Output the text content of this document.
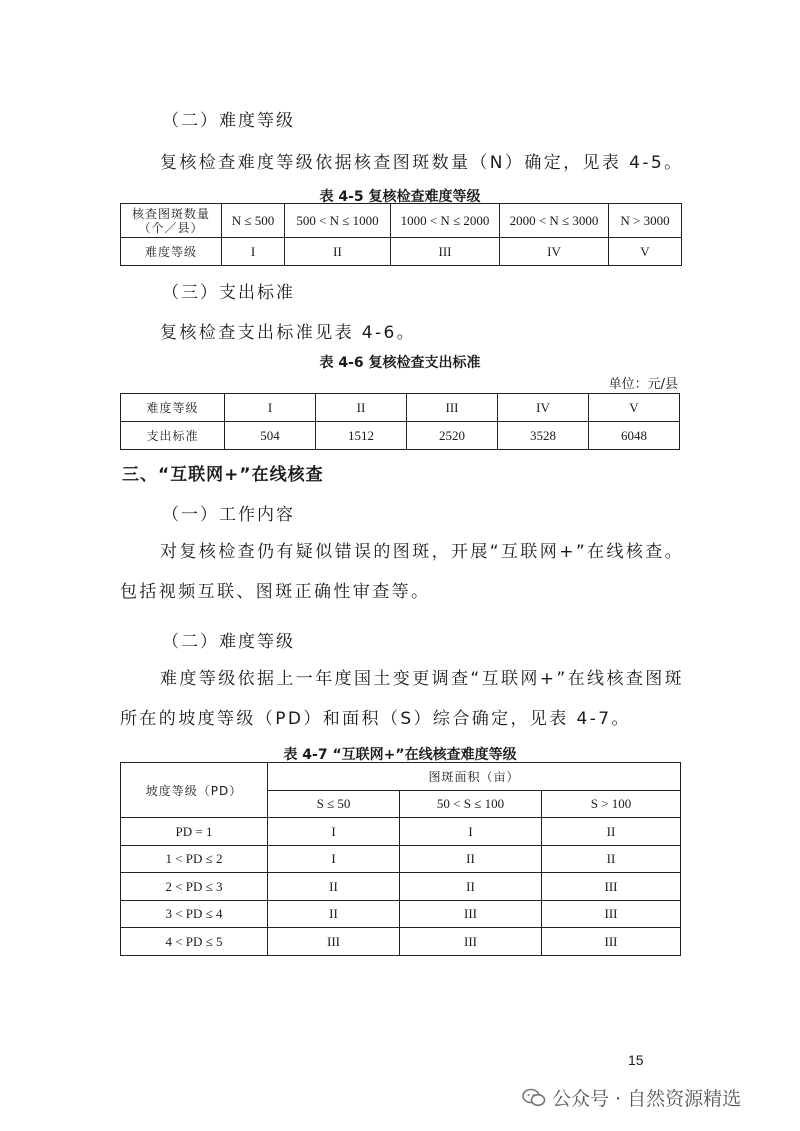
（二）难度等级
复核检查难度等级依据核查图斑数量（N）确定，见表 4-5。
表 4-5 复核检查难度等级
核查图斑数量（个／县）	N ≤ 500	500 < N ≤ 1000	1000 < N ≤ 2000	2000 < N ≤ 3000	N > 3000
难度等级	I	II	III	IV	V
（三）支出标准
复核检查支出标准见表 4-6。
表 4-6 复核检查支出标准
单位：元/县
难度等级	I	II	III	IV	V
支出标准	504	1512	2520	3528	6048
三、“互联网+”在线核查
（一）工作内容
对复核检查仍有疑似错误的图斑，开展“互联网+”在线核查。包括视频互联、图斑正确性审查等。
（二）难度等级
难度等级依据上一年度国土变更调查“互联网+”在线核查图斑所在的坡度等级（PD）和面积（S）综合确定，见表 4-7。
表 4-7 “互联网+”在线核查难度等级
坡度等级（PD）	图斑面积（亩）		
	S ≤ 50	50 < S ≤ 100	S > 100
PD = 1	I	I	II
1 < PD ≤ 2	I	II	II
2 < PD ≤ 3	II	II	III
3 < PD ≤ 4	II	III	III
4 < PD ≤ 5	III	III	III
15
公众号 · 自然资源精选
